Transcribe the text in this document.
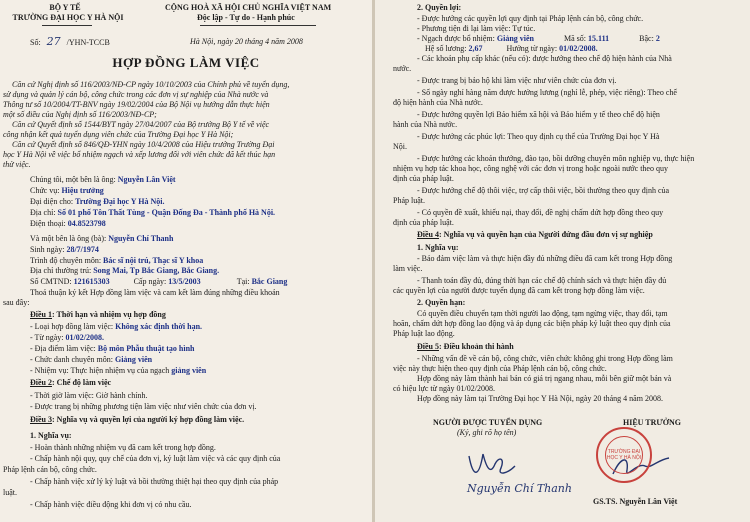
BỘ Y TẾ
TRƯỜNG ĐẠI HỌC Y HÀ NỘI
CỘNG HOÀ XÃ HỘI CHỦ NGHĨA VIỆT NAM
Độc lập - Tự do - Hạnh phúc
Số: 27 /YHN-TCCB	Hà Nội, ngày 20 tháng 4 năm 2008
HỢP ĐỒNG LÀM VIỆC
Căn cứ Nghị định số 116/2003/NĐ-CP ngày 10/10/2003 của Chính phủ về tuyển dụng,
sử dụng và quản lý cán bộ, công chức trong các đơn vị sự nghiệp của Nhà nước và
Thông tư số 10/2004/TT-BNV ngày 19/02/2004 của Bộ Nội vụ hướng dẫn thực hiện
một số điều của Nghị định số 116/2003/NĐ-CP;
Căn cứ Quyết định số 1544/BYT ngày 27/04/2007 của Bộ trưởng Bộ Y tế về việc
công nhận kết quả tuyển dụng viên chức của Trường Đại học Y Hà Nội;
Căn cứ Quyết định số 846/QĐ-YHN ngày 10/4/2008 của Hiệu trưởng Trường Đại
học Y Hà Nội về việc bổ nhiệm ngạch và xếp lương đối với viên chức đã kết thúc hạn
thử việc.
Chúng tôi, một bên là ông: Nguyễn Lân Việt
Chức vụ: Hiệu trưởng
Đại diện cho: Trường Đại học Y Hà Nội.
Địa chỉ: Số 01 phố Tôn Thất Tùng - Quận Đống Đa - Thành phố Hà Nội.
Điện thoại: 04.8523798
Và một bên là ông (bà): Nguyễn Chí Thanh
Sinh ngày: 28/7/1974
Trình độ chuyên môn: Bác sĩ nội trú, Thạc sĩ Y khoa
Địa chỉ thường trú: Song Mai, Tp Bắc Giang, Bắc Giang.
Số CMTND: 121615303	Cấp ngày: 13/5/2003	Tại: Bắc Giang
Thoả thuận ký kết Hợp đồng làm việc và cam kết làm đúng những điều khoản
sau đây:
Điều 1: Thời hạn và nhiệm vụ hợp đồng
- Loại hợp đồng làm việc: Không xác định thời hạn.
- Từ ngày: 01/02/2008.
- Địa điểm làm việc: Bộ môn Phẫu thuật tạo hình
- Chức danh chuyên môn: Giảng viên
- Nhiệm vụ: Thực hiện nhiệm vụ của ngạch giảng viên
Điều 2: Chế độ làm việc
- Thời giờ làm việc: Giờ hành chính.
- Được trang bị những phương tiện làm việc như viên chức của đơn vị.
Điều 3: Nghĩa vụ và quyền lợi của người ký hợp đồng làm việc.
1. Nghĩa vụ:
- Hoàn thành những nhiệm vụ đã cam kết trong hợp đồng.
- Chấp hành nội quy, quy chế của đơn vị, kỷ luật làm việc và các quy định của
Pháp lệnh cán bộ, công chức.
- Chấp hành việc xử lý kỷ luật và bồi thường thiệt hại theo quy định của pháp
luật.
- Chấp hành việc điều động khi đơn vị có nhu cầu.
2. Quyền lợi:
- Được hưởng các quyền lợi quy định tại Pháp lệnh cán bộ, công chức.
- Phương tiện đi lại làm việc: Tự túc.
- Ngạch được bổ nhiệm: Giảng viên	Mã số: 15.111	Bậc: 2
Hệ số lương: 2,67	Hưởng từ ngày: 01/02/2008.
- Các khoản phụ cấp khác (nếu có): được hưởng theo chế độ hiện hành của Nhà
nước.
- Được trang bị bảo hộ khi làm việc như viên chức của đơn vị.
- Số ngày nghỉ hàng năm được hưởng lương (nghỉ lễ, phép, việc riêng): Theo chế
độ hiện hành của Nhà nước.
- Được hưởng quyền lợi Bảo hiểm xã hội và Bảo hiểm y tế theo chế độ hiện
hành của Nhà nước.
- Được hưởng các phúc lợi: Theo quy định cụ thể của Trường Đại học Y Hà
Nội.
- Được hưởng các khoản thưởng, đào tạo, bồi dưỡng chuyên môn nghiệp vụ, thực hiện
nhiệm vụ hợp tác khoa học, công nghệ với các đơn vị trong hoặc ngoài nước theo quy
định của pháp luật.
- Được hưởng chế độ thôi việc, trợ cấp thôi việc, bồi thường theo quy định của
Pháp luật.
- Có quyền đề xuất, khiếu nại, thay đổi, đề nghị chấm dứt hợp đồng theo quy
định của pháp luật.
Điều 4: Nghĩa vụ và quyền hạn của Người đứng đầu đơn vị sự nghiệp
1. Nghĩa vụ:
- Bảo đảm việc làm và thực hiện đầy đủ những điều đã cam kết trong Hợp đồng
làm việc.
- Thanh toán đầy đủ, đúng thời hạn các chế độ chính sách và thực hiện đầy đủ
các quyền lợi của người được tuyển dụng đã cam kết trong hợp đồng làm việc.
2. Quyền hạn:
Có quyền điều chuyển tạm thời người lao động, tạm ngừng việc, thay đổi, tạm
hoãn, chấm dứt hợp đồng lao động và áp dụng các biện pháp kỷ luật theo quy định của
Pháp luật lao động.
Điều 5: Điều khoản thi hành
- Những vấn đề về cán bộ, công chức, viên chức không ghi trong Hợp đồng làm
việc này thực hiện theo quy định của Pháp lệnh cán bộ, công chức.
Hợp đồng này làm thành hai bản có giá trị ngang nhau, mỗi bên giữ một bản và
có hiệu lực từ ngày 01/02/2008.
Hợp đồng này làm tại Trường Đại học Y Hà Nội, ngày 20 tháng 4 năm 2008.
NGƯỜI ĐƯỢC TUYỂN DỤNG
(Ký, ghi rõ họ tên)
HIỆU TRƯỞNG
Nguyễn Chí Thanh
GS.TS. Nguyễn Lân Việt
TRƯỜNG ĐẠI HỌC Y HÀ NỘI
